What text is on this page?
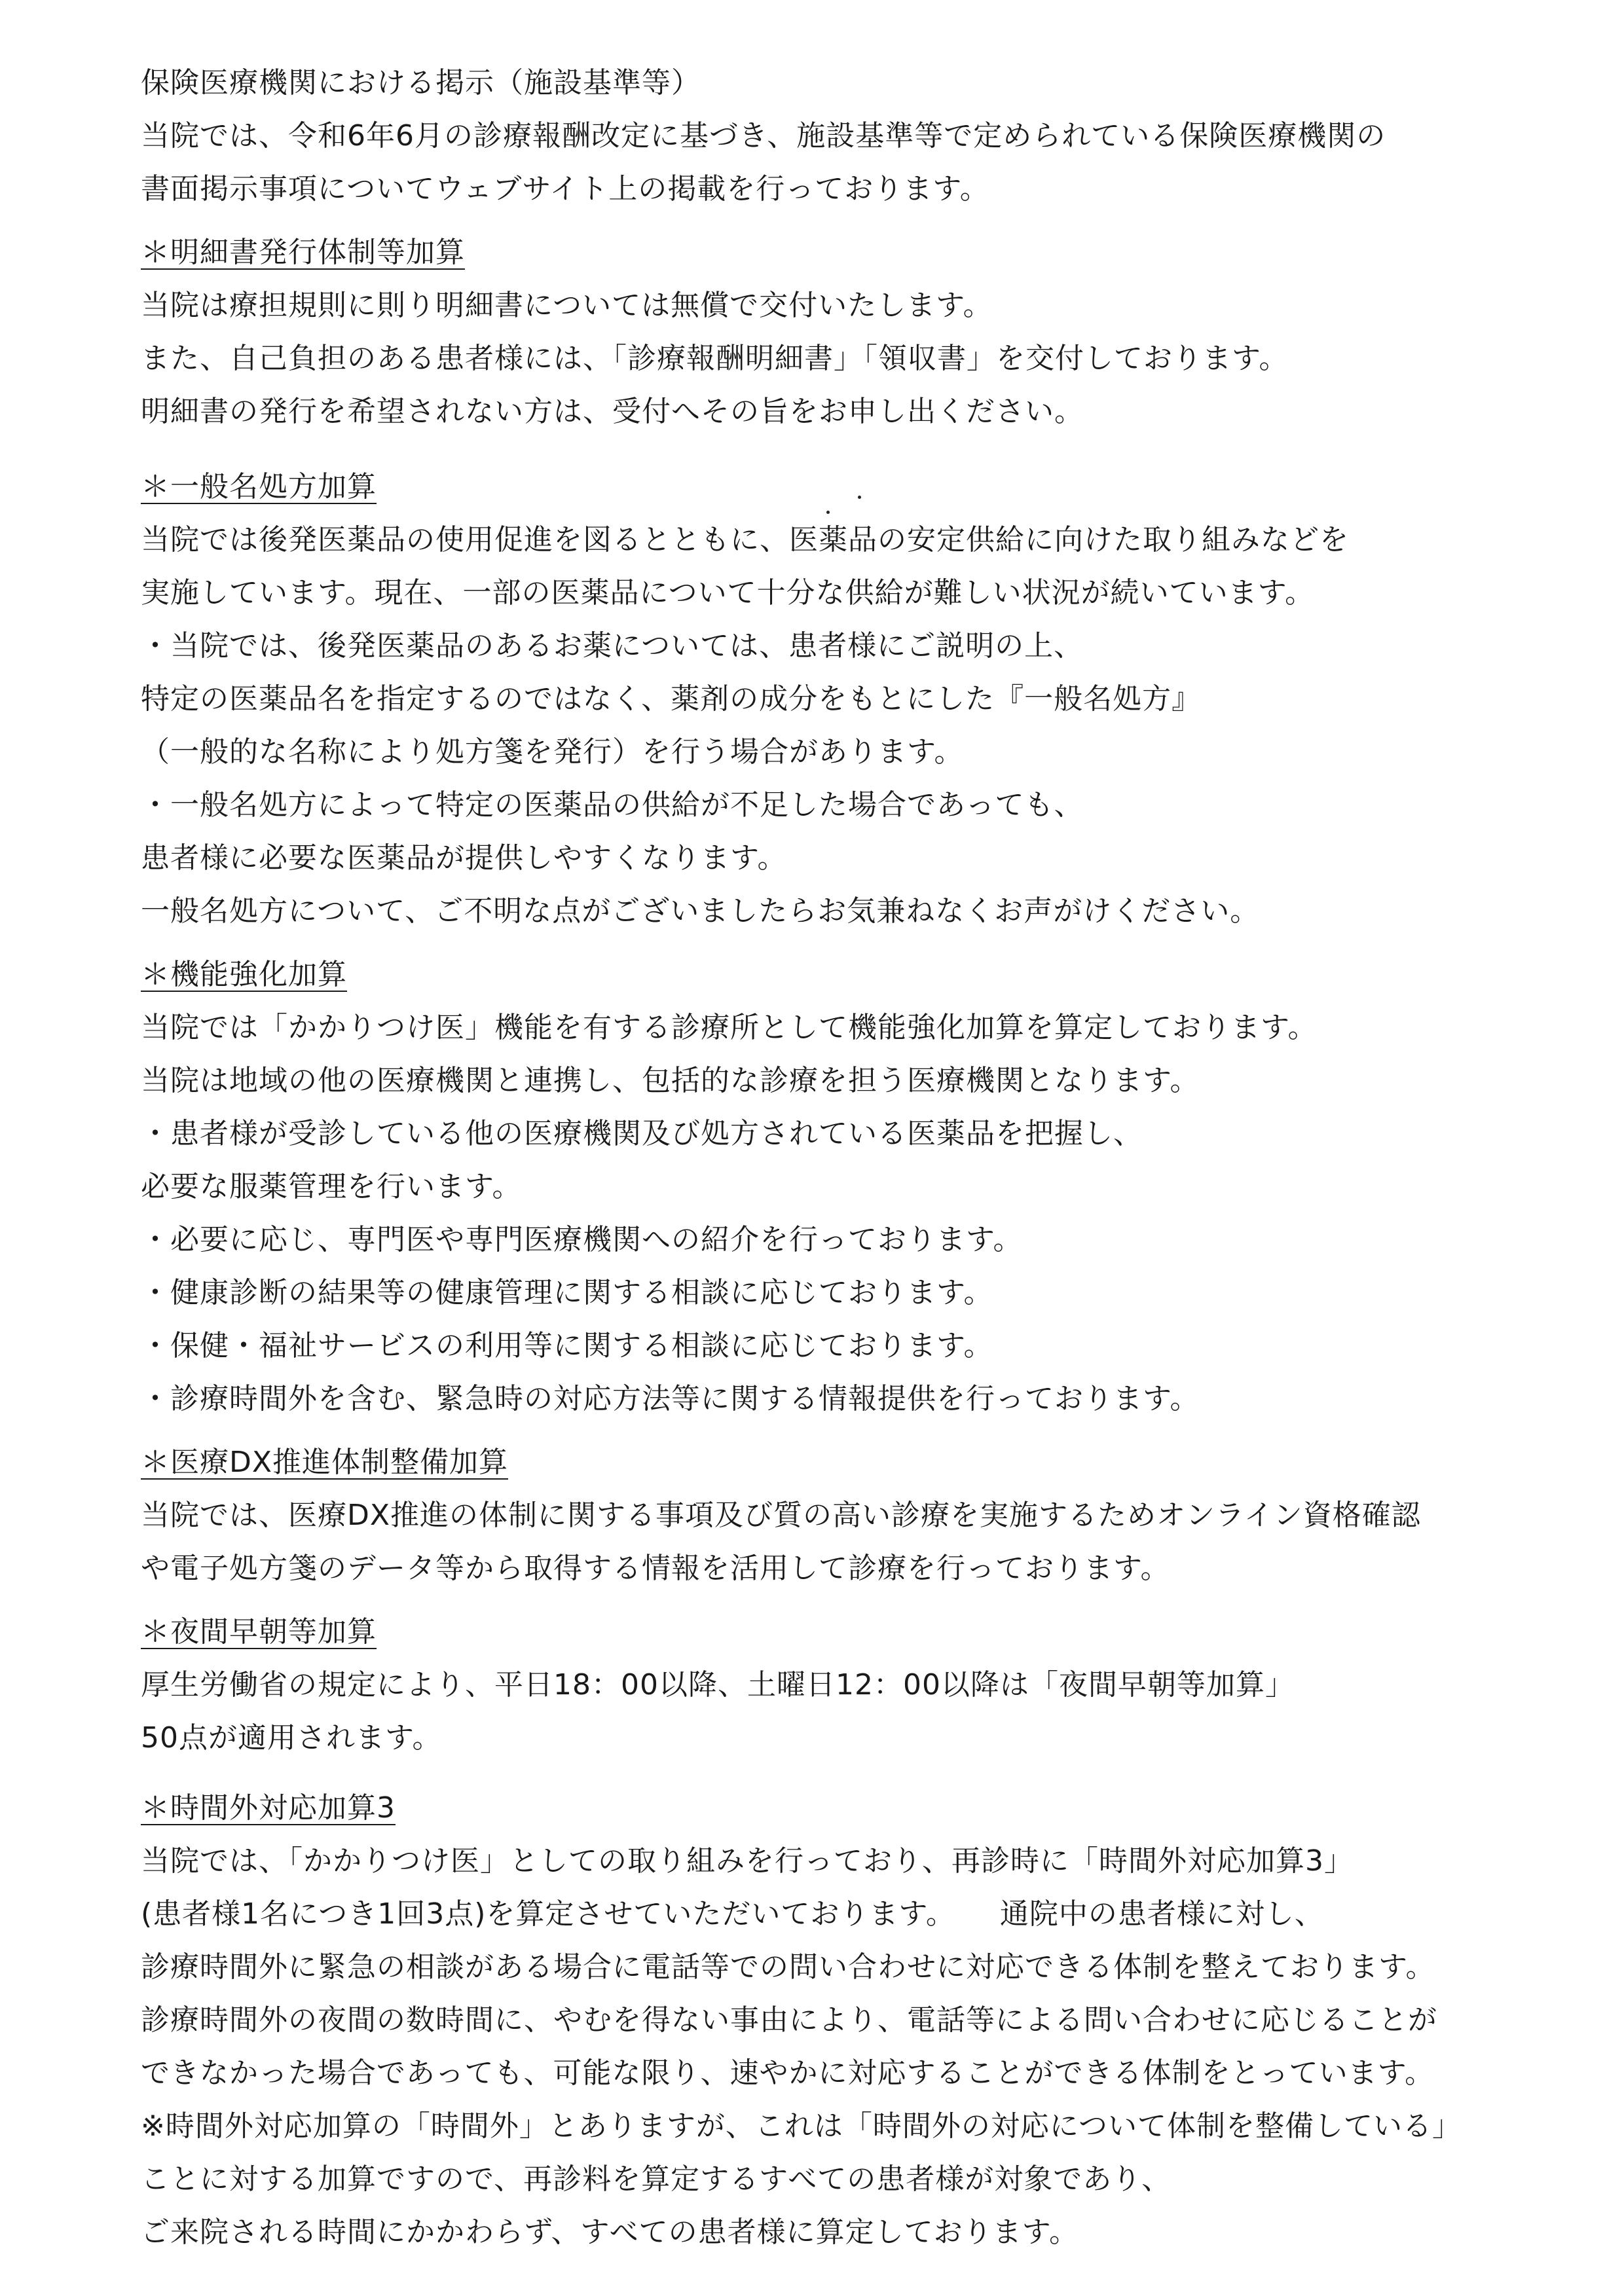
保険医療機関における掲示（施設基準等）
当院では、令和6年6月の診療報酬改定に基づき、施設基準等で定められている保険医療機関の
書面掲示事項についてウェブサイト上の掲載を行っております。
＊明細書発行体制等加算
当院は療担規則に則り明細書については無償で交付いたします。
また、自己負担のある患者様には、「診療報酬明細書」「領収書」を交付しております。
明細書の発行を希望されない方は、受付へその旨をお申し出ください。
＊一般名処方加算
当院では後発医薬品の使用促進を図るとともに、医薬品の安定供給に向けた取り組みなどを
実施しています。現在、一部の医薬品について十分な供給が難しい状況が続いています。
・当院では、後発医薬品のあるお薬については、患者様にご説明の上、
特定の医薬品名を指定するのではなく、薬剤の成分をもとにした『一般名処方』
（一般的な名称により処方箋を発行）を行う場合があります。
・一般名処方によって特定の医薬品の供給が不足した場合であっても、
患者様に必要な医薬品が提供しやすくなります。
一般名処方について、ご不明な点がございましたらお気兼ねなくお声がけください。
＊機能強化加算
当院では「かかりつけ医」機能を有する診療所として機能強化加算を算定しております。
当院は地域の他の医療機関と連携し、包括的な診療を担う医療機関となります。
・患者様が受診している他の医療機関及び処方されている医薬品を把握し、
必要な服薬管理を行います。
・必要に応じ、専門医や専門医療機関への紹介を行っております。
・健康診断の結果等の健康管理に関する相談に応じております。
・保健・福祉サービスの利用等に関する相談に応じております。
・診療時間外を含む、緊急時の対応方法等に関する情報提供を行っております。
＊医療DX推進体制整備加算
当院では、医療DX推進の体制に関する事項及び質の高い診療を実施するためオンライン資格確認
や電子処方箋のデータ等から取得する情報を活用して診療を行っております。
＊夜間早朝等加算
厚生労働省の規定により、平日18：00以降、土曜日12：00以降は「夜間早朝等加算」
50点が適用されます。
＊時間外対応加算3
当院では、「かかりつけ医」としての取り組みを行っており、再診時に「時間外対応加算3」
(患者様1名につき1回3点)を算定させていただいております。　　通院中の患者様に対し、
診療時間外に緊急の相談がある場合に電話等での問い合わせに対応できる体制を整えております。
診療時間外の夜間の数時間に、やむを得ない事由により、電話等による問い合わせに応じることが
できなかった場合であっても、可能な限り、速やかに対応することができる体制をとっています。
※時間外対応加算の「時間外」とありますが、これは「時間外の対応について体制を整備している」
ことに対する加算ですので、再診料を算定するすべての患者様が対象であり、
ご来院される時間にかかわらず、すべての患者様に算定しております。
